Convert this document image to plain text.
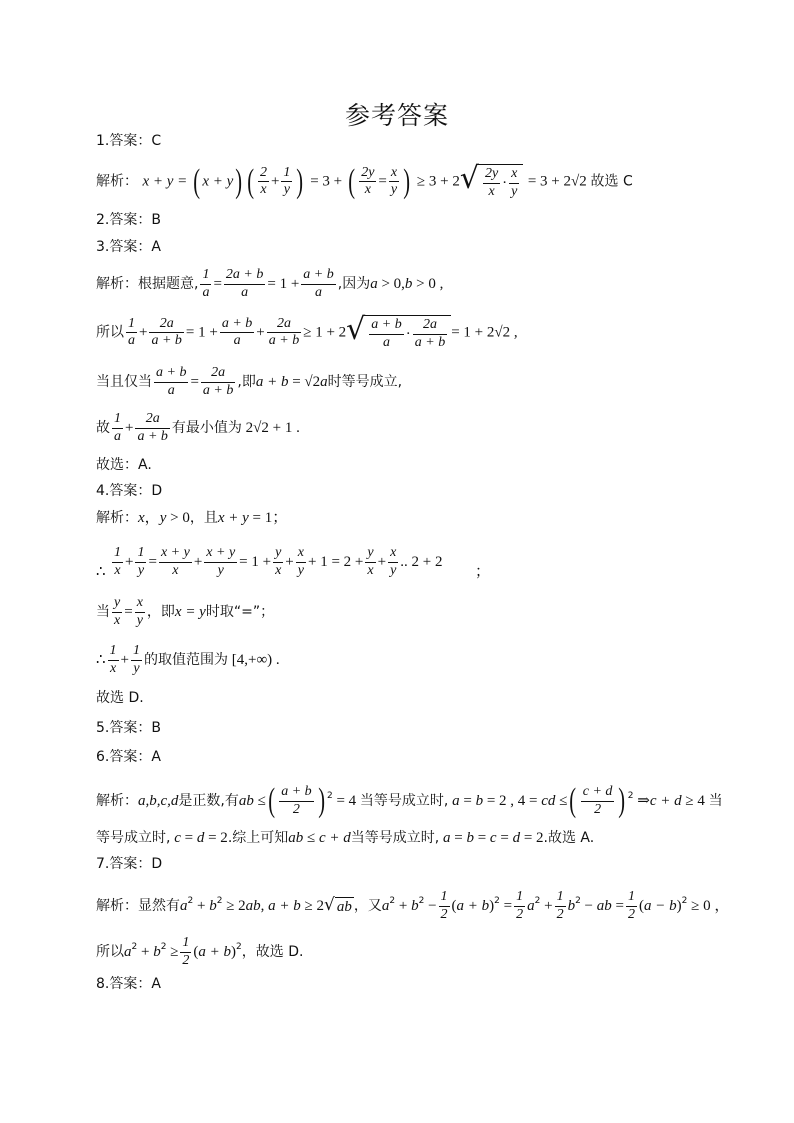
参考答案
1.答案：C
解析： x + y = ( x + y) ( $\frac{2}{x} + \frac{1}{y}$ ) = 3 + ( $\frac{2y}{x} = \frac{x}{y}$ ) ≥ 3 + 2 √ $\frac{2y}{x} \cdot \frac{x}{y} = 3 + 2√2$ 故选 C
2.答案：B
3.答案：A
解析：根据题意, $\frac{1}{a} = \frac{2a + b}{a} = 1 + \frac{a + b}{a}$ ,因为a > 0,b > 0 ,
所以 $\frac{1}{a} + \frac{2a}{a + b} = 1 + \frac{a + b}{a} + \frac{2a}{a + b} \ge 1 + 2$ √ $\frac{a + b}{a} \cdot \frac{2a}{a + b} = 1 + 2√2$ ,
当且仅当 $\frac{a + b}{a} = \frac{2a}{a + b}$ ,即a + b = √2a时等号成立,
故 $\frac{1}{a} + \frac{2a}{a + b}$ 有最小值为 2√2 + 1 .
故选：A.
4.答案：D
解析：x，y > 0，且x + y = 1；
∴ $\frac{1}{x} + \frac{1}{y} = \frac{x + y}{x} + \frac{x + y}{y} = 1 + \frac{y}{x} + \frac{x}{y} + 1 = 2 + \frac{y}{x} + \frac{x}{y}$ .. 2 + 2 ；
当 $\frac{y}{x} = \frac{x}{y}$ ，即x = y时取“=”；
∴ $\frac{1}{x} + \frac{1}{y}$ 的取值范围为 [4,+∞) .
故选 D.
5.答案：B
6.答案：A
解析：a,b,c,d是正数,有ab ≤( $\frac{a + b}{2}$ ) $^2$ = 4 当等号成立时, a = b = 2 , 4 = cd ≤( $\frac{c + d}{2}$ ) $^2$ ⇒c + d ≥ 4 当
等号成立时, c = d = 2.综上可知ab ≤ c + d当等号成立时, a = b = c = d = 2.故选 A.
7.答案：D
解析：显然有$a^2 + b^2 \ge 2ab$, a + b ≥ 2 √ ab ，又$a^2 + b^2 - \frac{1}{2} (a + b)^2 = \frac{1}{2} a^2 + \frac{1}{2} b^2$ − ab = $\frac{1}{2} (a - b)^2 \ge 0$ ，
所以$a^2 + b^2 \ge \frac{1}{2} (a + b)^2$，故选 D.
8.答案：A
